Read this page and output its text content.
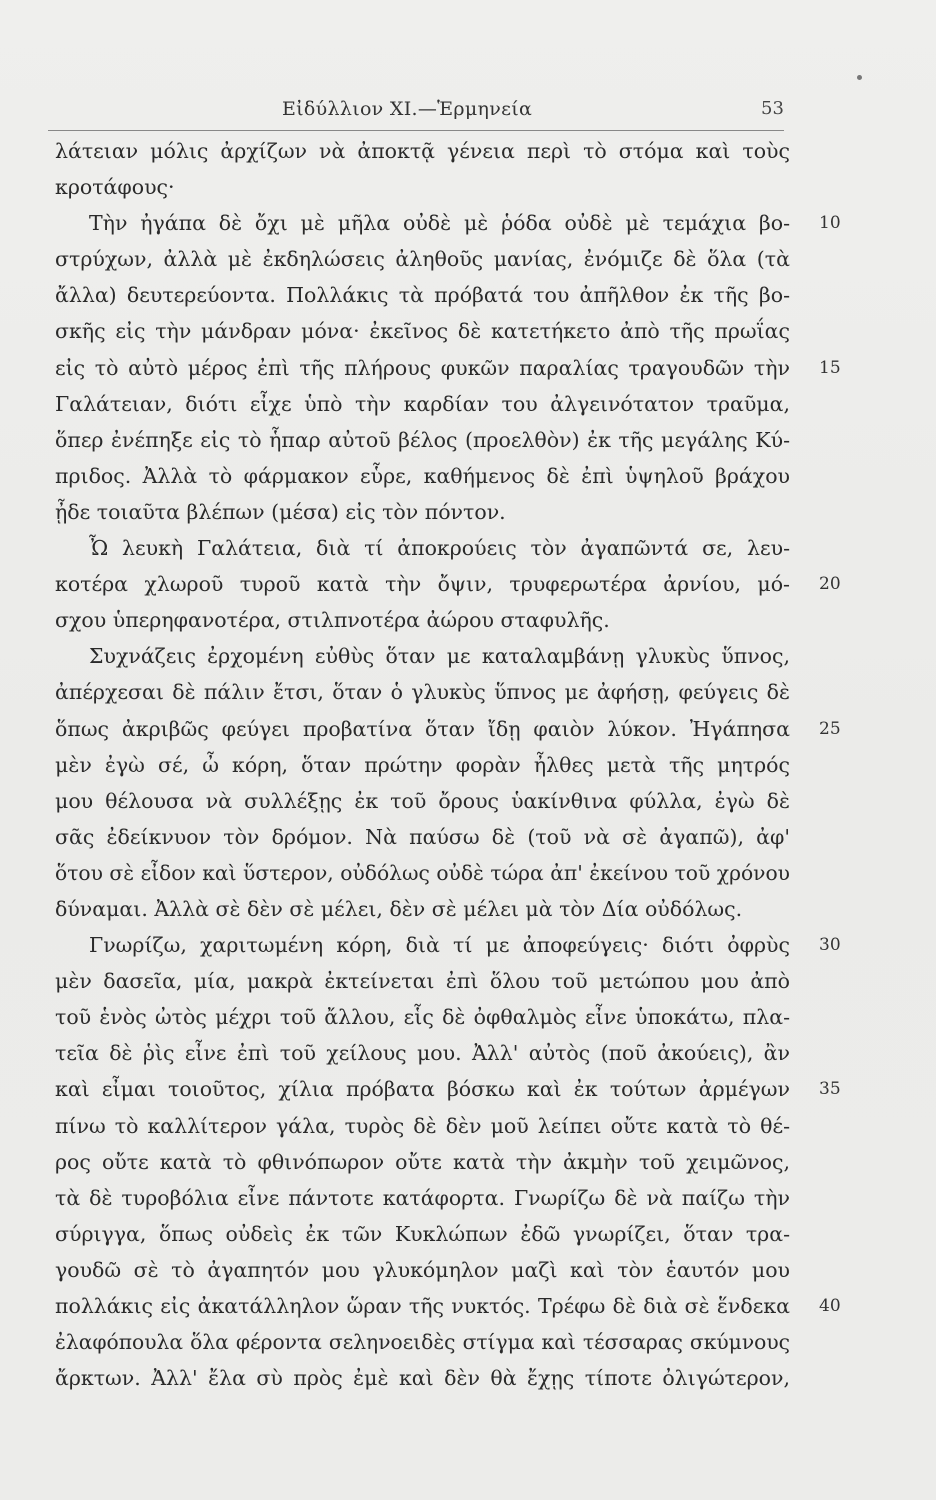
Εἰδύλλιον XI.—Ἑρμηνεία	53
λάτειαν μόλις ἀρχίζων νὰ ἀποκτᾷ γένεια περὶ τὸ στόμα καὶ τοὺς
κροτάφους·
Τὴν ἠγάπα δὲ ὄχι μὲ μῆλα οὐδὲ μὲ ῥόδα οὐδὲ μὲ τεμάχια βο- 10
στρύχων, ἀλλὰ μὲ ἐκδηλώσεις ἀληθοῦς μανίας, ἐνόμιζε δὲ ὅλα (τὰ
ἄλλα) δευτερεύοντα. Πολλάκις τὰ πρόβατά του ἀπῆλθον ἐκ τῆς βο-
σκῆς εἰς τὴν μάνδραν μόνα· ἐκεῖνος δὲ κατετήκετο ἀπὸ τῆς πρωΐας
εἰς τὸ αὐτὸ μέρος ἐπὶ τῆς πλήρους φυκῶν παραλίας τραγουδῶν τὴν 15
Γαλάτειαν, διότι εἶχε ὑπὸ τὴν καρδίαν του ἀλγεινότατον τραῦμα,
ὅπερ ἐνέπηξε εἰς τὸ ἧπαρ αὐτοῦ βέλος (προελθὸν) ἐκ τῆς μεγάλης Κύ-
πριδος. Ἀλλὰ τὸ φάρμακον εὗρε, καθήμενος δὲ ἐπὶ ὑψηλοῦ βράχου
ᾖδε τοιαῦτα βλέπων (μέσα) εἰς τὸν πόντον.
Ὦ λευκὴ Γαλάτεια, διὰ τί ἀποκρούεις τὸν ἀγαπῶντά σε, λευ-
κοτέρα χλωροῦ τυροῦ κατὰ τὴν ὄψιν, τρυφερωτέρα ἀρνίου, μό- 20
σχου ὑπερηφανοτέρα, στιλπνοτέρα ἀώρου σταφυλῆς.
Συχνάζεις ἐρχομένη εὐθὺς ὅταν με καταλαμβάνῃ γλυκὺς ὕπνος,
ἀπέρχεσαι δὲ πάλιν ἔτσι, ὅταν ὁ γλυκὺς ὕπνος με ἀφήσῃ, φεύγεις δὲ
ὅπως ἀκριβῶς φεύγει προβατίνα ὅταν ἴδῃ φαιὸν λύκον. Ἠγάπησα 25
μὲν ἐγὼ σέ, ὦ κόρη, ὅταν πρώτην φορὰν ἦλθες μετὰ τῆς μητρός
μου θέλουσα νὰ συλλέξῃς ἐκ τοῦ ὄρους ὑακίνθινα φύλλα, ἐγὼ δὲ
σᾶς ἐδείκνυον τὸν δρόμον. Νὰ παύσω δὲ (τοῦ νὰ σὲ ἀγαπῶ), ἀφ'
ὅτου σὲ εἶδον καὶ ὕστερον, οὐδόλως οὐδὲ τώρα ἀπ' ἐκείνου τοῦ χρόνου
δύναμαι. Ἀλλὰ σὲ δὲν σὲ μέλει, δὲν σὲ μέλει μὰ τὸν Δία οὐδόλως.
Γνωρίζω, χαριτωμένη κόρη, διὰ τί με ἀποφεύγεις· διότι ὀφρὺς 30
μὲν δασεῖα, μία, μακρὰ ἐκτείνεται ἐπὶ ὅλου τοῦ μετώπου μου ἀπὸ
τοῦ ἑνὸς ὠτὸς μέχρι τοῦ ἄλλου, εἷς δὲ ὀφθαλμὸς εἶνε ὑποκάτω, πλα-
τεῖα δὲ ῥὶς εἶνε ἐπὶ τοῦ χείλους μου. Ἀλλ' αὐτὸς (ποῦ ἀκούεις), ἂν
καὶ εἶμαι τοιοῦτος, χίλια πρόβατα βόσκω καὶ ἐκ τούτων ἀρμέγων 35
πίνω τὸ καλλίτερον γάλα, τυρὸς δὲ δὲν μοῦ λείπει οὔτε κατὰ τὸ θέ-
ρος οὔτε κατὰ τὸ φθινόπωρον οὔτε κατὰ τὴν ἀκμὴν τοῦ χειμῶνος,
τὰ δὲ τυροβόλια εἶνε πάντοτε κατάφορτα. Γνωρίζω δὲ νὰ παίζω τὴν
σύριγγα, ὅπως οὐδεὶς ἐκ τῶν Κυκλώπων ἐδῶ γνωρίζει, ὅταν τρα-
γουδῶ σὲ τὸ ἀγαπητόν μου γλυκόμηλον μαζὶ καὶ τὸν ἑαυτόν μου
πολλάκις εἰς ἀκατάλληλον ὥραν τῆς νυκτός. Τρέφω δὲ διὰ σὲ ἕνδεκα 40
ἐλαφόπουλα ὅλα φέροντα σεληνοειδὲς στίγμα καὶ τέσσαρας σκύμνους
ἄρκτων. Ἀλλ' ἔλα σὺ πρὸς ἐμὲ καὶ δὲν θὰ ἔχῃς τίποτε ὀλιγώτερον,
